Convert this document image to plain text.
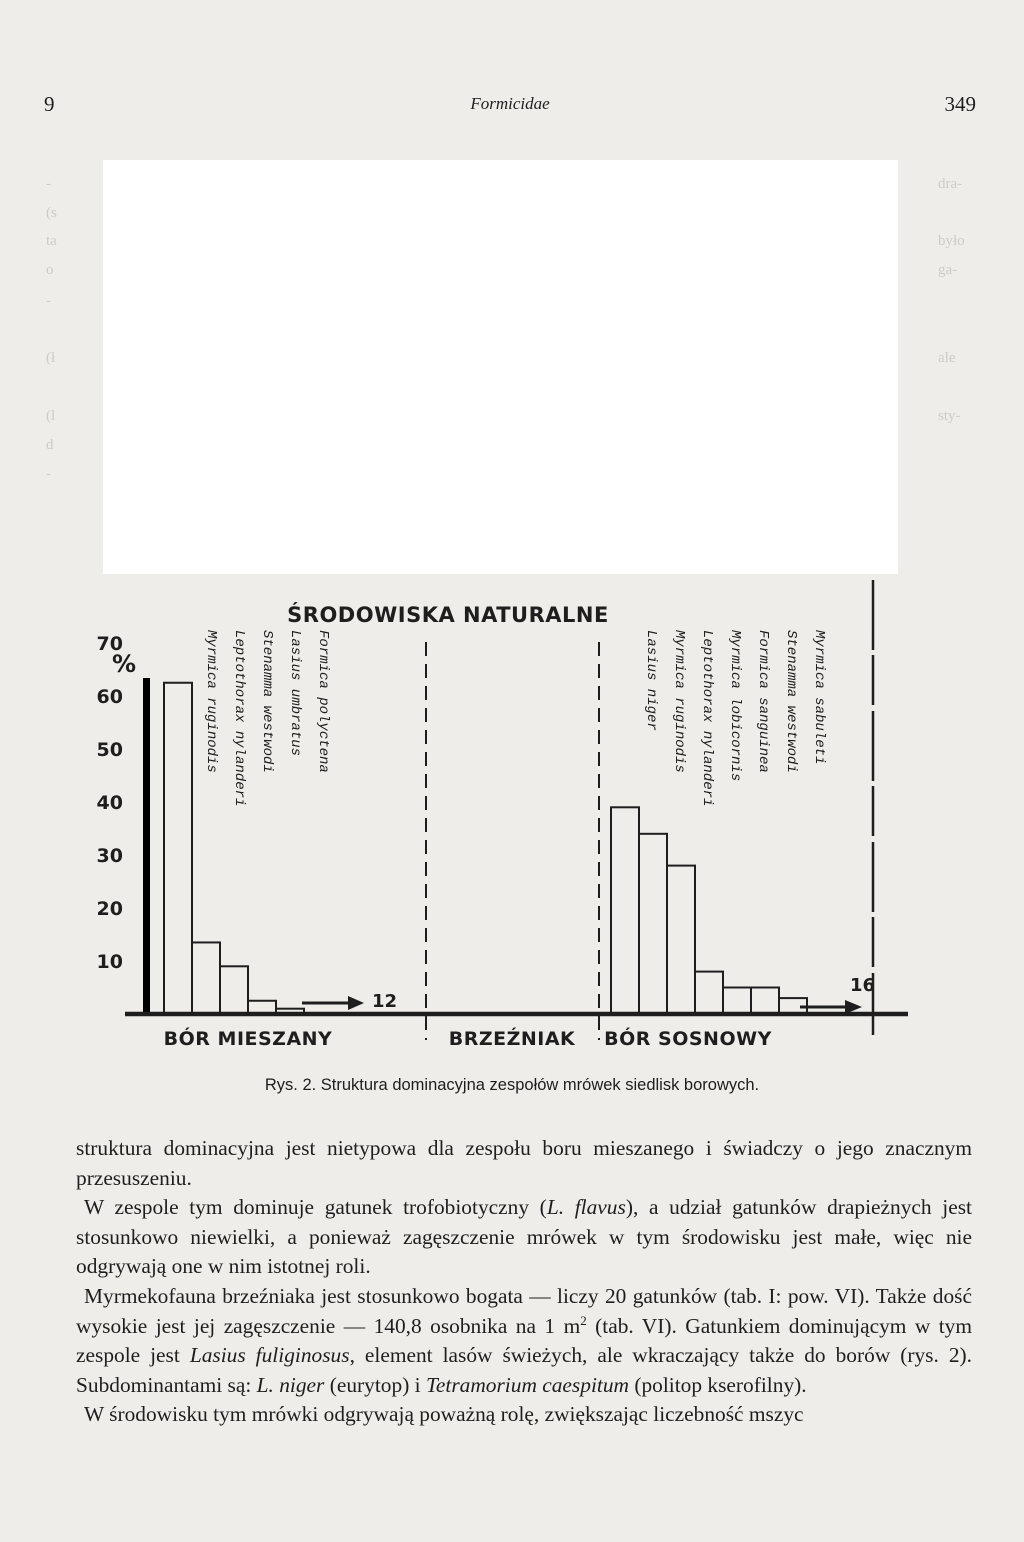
9	Formicidae	349
-
(s
ta
o
-
(ł
(l
d
-
dra-
było
ga-
ale
sty-
ŚRODOWISKA NATURALNE
%
70
60
50
40
30
20
10
BÓR MIESZANY
Myrmica ruginodis Leptothorax nylanderi Stenamma westwodi Lasius umbratus Formica polyctena
12
BRZEŹNIAK BÓR SOSNOWY
Lasius niger Myrmica ruginodis Leptothorax nylanderi Myrmica lobicornis Formica sanguinea Stenamma westwodi Myrmica sabuleti
16
Rys. 2. Struktura dominacyjna zespołów mrówek siedlisk borowych.

struktura dominacyjna jest nietypowa dla zespołu boru mieszanego i świadczy o jego znacznym przesuszeniu.

W zespole tym dominuje gatunek trofobiotyczny (L. flavus), a udział gatunków drapieżnych jest stosunkowo niewielki, a ponieważ zagęszczenie mrówek w tym środowisku jest małe, więc nie odgrywają one w nim istotnej roli.

Myrmekofauna brzeźniaka jest stosunkowo bogata — liczy 20 gatunków (tab. I: pow. VI). Także dość wysokie jest jej zagęszczenie — 140,8 osobnika na 1 $m^2$ (tab. VI). Gatunkiem dominującym w tym zespole jest Lasius fuliginosus, element lasów świeżych, ale wkraczający także do borów (rys. 2). Subdominantami są: L. niger (eurytop) i Tetramorium caespitum (politop kserofilny).

W środowisku tym mrówki odgrywają poważną rolę, zwiększając liczebność mszyc
